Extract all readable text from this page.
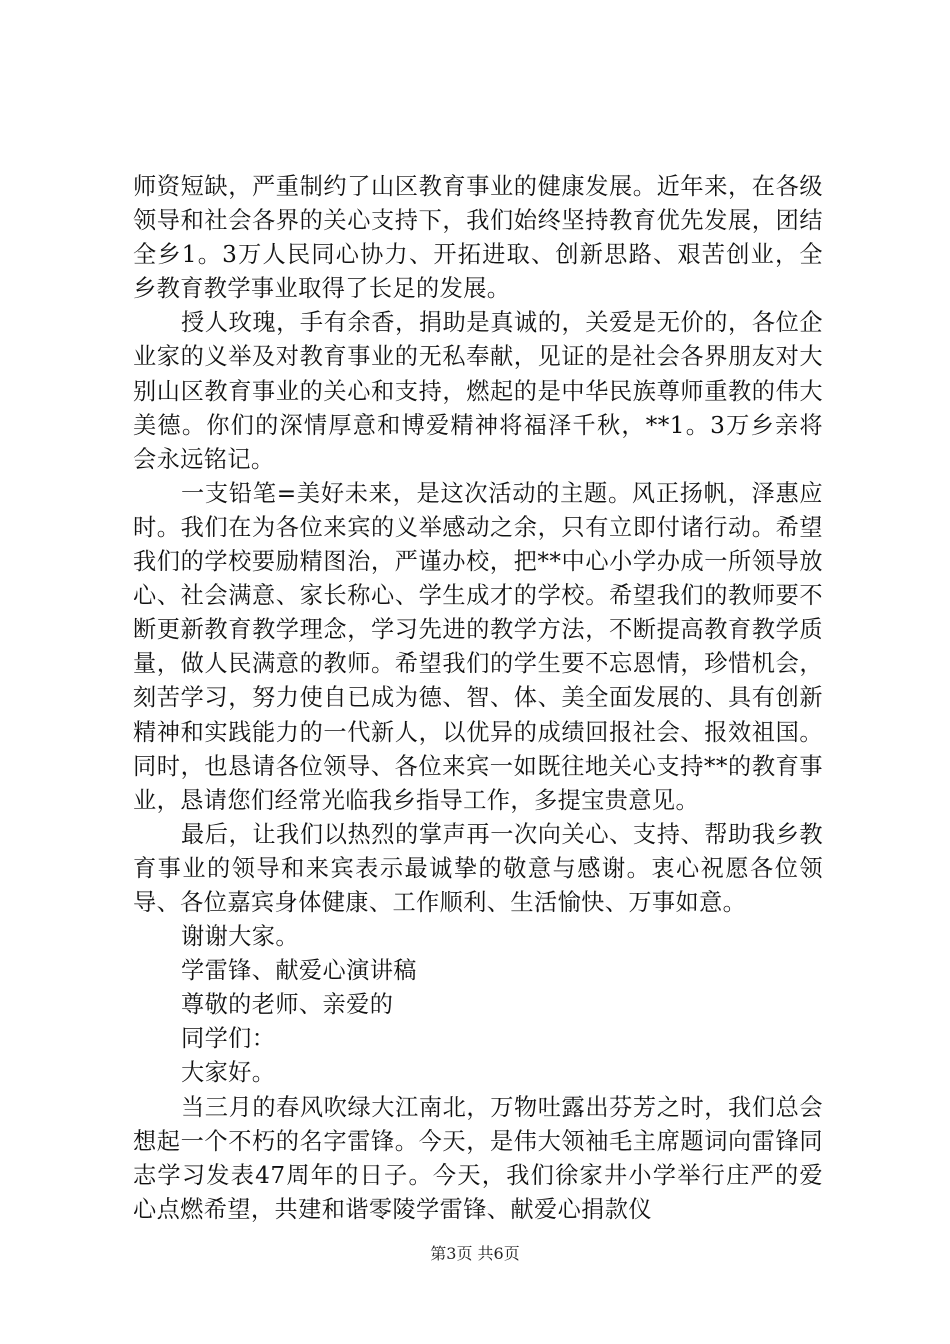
师资短缺，严重制约了山区教育事业的健康发展。近年来，在各级领导和社会各界的关心支持下，我们始终坚持教育优先发展，团结全乡1。3万人民同心协力、开拓进取、创新思路、艰苦创业，全乡教育教学事业取得了长足的发展。

授人玫瑰，手有余香，捐助是真诚的，关爱是无价的，各位企业家的义举及对教育事业的无私奉献，见证的是社会各界朋友对大别山区教育事业的关心和支持，燃起的是中华民族尊师重教的伟大美德。你们的深情厚意和博爱精神将福泽千秋，**1。3万乡亲将会永远铭记。

一支铅笔=美好未来，是这次活动的主题。风正扬帆，泽惠应时。我们在为各位来宾的义举感动之余，只有立即付诸行动。希望我们的学校要励精图治，严谨办校，把**中心小学办成一所领导放心、社会满意、家长称心、学生成才的学校。希望我们的教师要不断更新教育教学理念，学习先进的教学方法，不断提高教育教学质量，做人民满意的教师。希望我们的学生要不忘恩情，珍惜机会，刻苦学习，努力使自已成为德、智、体、美全面发展的、具有创新精神和实践能力的一代新人，以优异的成绩回报社会、报效祖国。同时，也恳请各位领导、各位来宾一如既往地关心支持**的教育事业，恳请您们经常光临我乡指导工作，多提宝贵意见。

最后，让我们以热烈的掌声再一次向关心、支持、帮助我乡教育事业的领导和来宾表示最诚挚的敬意与感谢。衷心祝愿各位领导、各位嘉宾身体健康、工作顺利、生活愉快、万事如意。

谢谢大家。

学雷锋、献爱心演讲稿

尊敬的老师、亲爱的

同学们：

大家好。

当三月的春风吹绿大江南北，万物吐露出芬芳之时，我们总会想起一个不朽的名字雷锋。今天，是伟大领袖毛主席题词向雷锋同志学习发表47周年的日子。今天，我们徐家井小学举行庄严的爱心点燃希望，共建和谐零陵学雷锋、献爱心捐款仪

第3页 共6页
